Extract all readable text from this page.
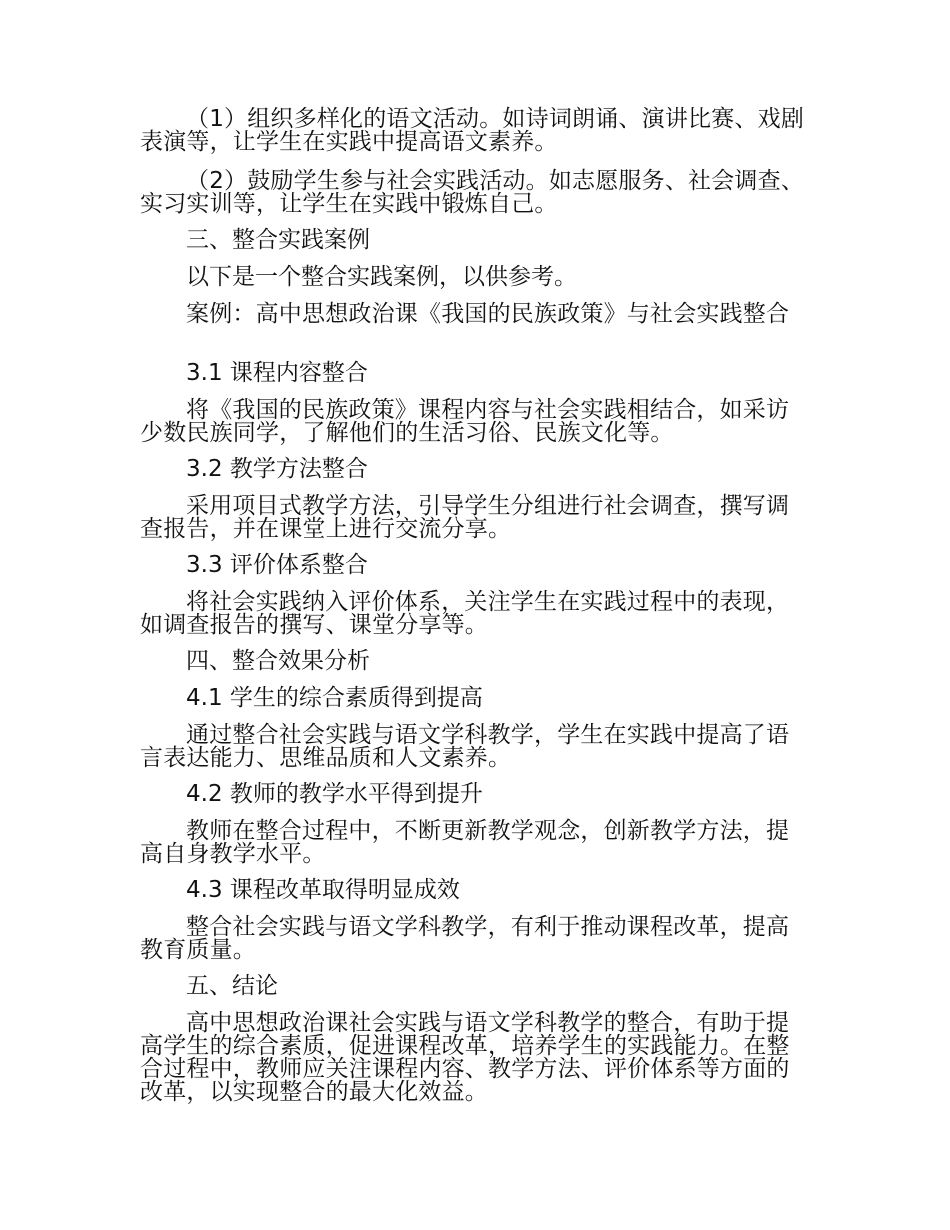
（1）组织多样化的语文活动。如诗词朗诵、演讲比赛、戏剧表演等，让学生在实践中提高语文素养。

（2）鼓励学生参与社会实践活动。如志愿服务、社会调查、实习实训等，让学生在实践中锻炼自己。

三、整合实践案例

以下是一个整合实践案例，以供参考。

案例：高中思想政治课《我国的民族政策》与社会实践整合

3.1 课程内容整合

将《我国的民族政策》课程内容与社会实践相结合，如采访少数民族同学，了解他们的生活习俗、民族文化等。

3.2 教学方法整合

采用项目式教学方法，引导学生分组进行社会调查，撰写调查报告，并在课堂上进行交流分享。

3.3 评价体系整合

将社会实践纳入评价体系，关注学生在实践过程中的表现，如调查报告的撰写、课堂分享等。

四、整合效果分析

4.1 学生的综合素质得到提高

通过整合社会实践与语文学科教学，学生在实践中提高了语言表达能力、思维品质和人文素养。

4.2 教师的教学水平得到提升

教师在整合过程中，不断更新教学观念，创新教学方法，提高自身教学水平。

4.3 课程改革取得明显成效

整合社会实践与语文学科教学，有利于推动课程改革，提高教育质量。

五、结论

高中思想政治课社会实践与语文学科教学的整合，有助于提高学生的综合素质，促进课程改革，培养学生的实践能力。在整合过程中，教师应关注课程内容、教学方法、评价体系等方面的改革，以实现整合的最大化效益。
